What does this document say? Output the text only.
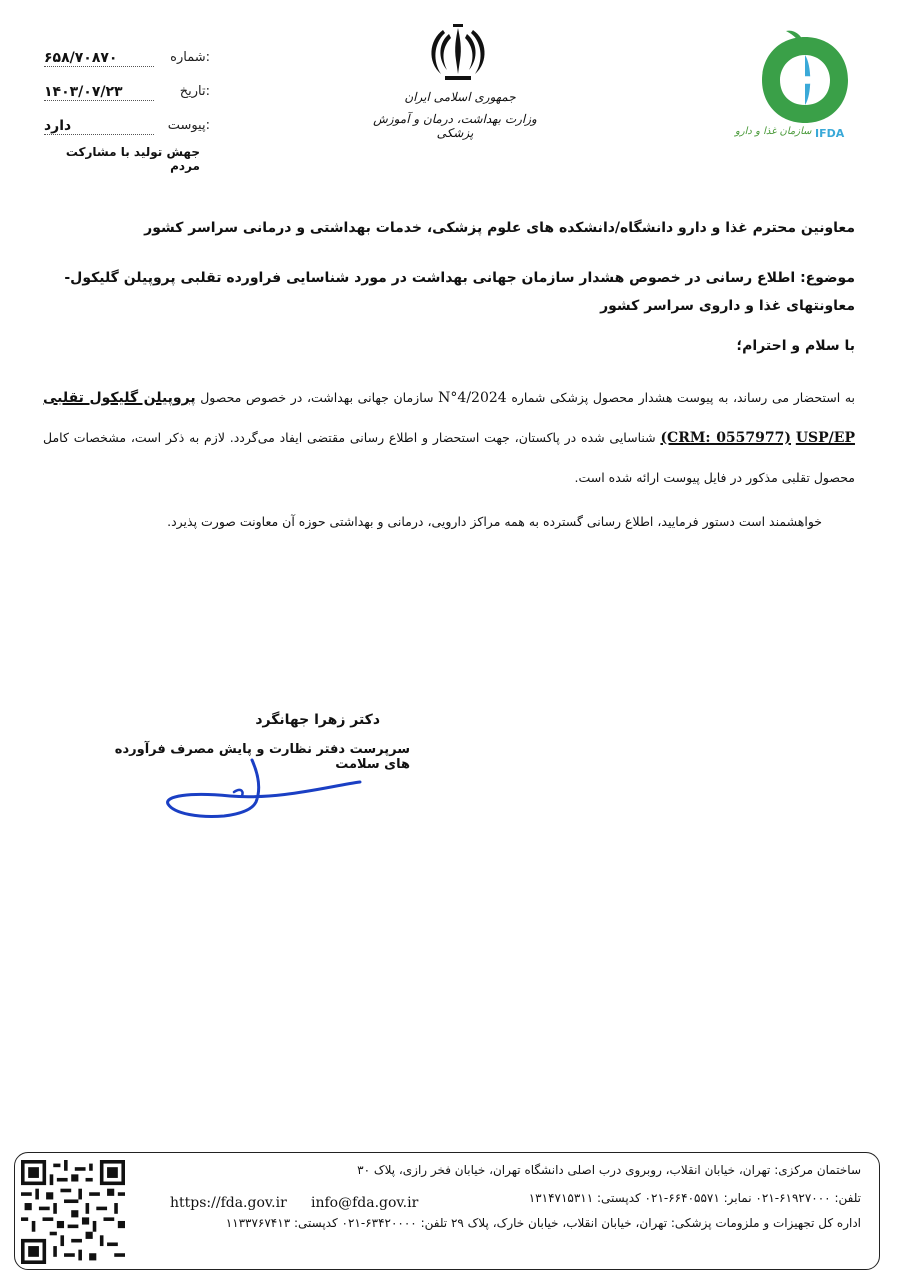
شماره:
۶۵۸/۷۰۸۷۰
تاریخ:
۱۴۰۳/۰۷/۲۳
پیوست:
دارد
جهش تولید با مشارکت مردم
جمهوری اسلامی ایران
وزارت بهداشت، درمان و آموزش پزشکی	IFDA
سازمان غذا و دارو
معاونین محترم غذا و دارو دانشگاه/دانشکده های علوم پزشکی، خدمات بهداشتی و درمانی سراسر کشور
موضوع: اطلاع رسانی در خصوص هشدار سازمان جهانی بهداشت در مورد شناسایی فراورده تقلبی پروپیلن گلیکول- معاونتهای غذا و داروی سراسر کشور
با سلام و احترام؛
به استحضار می رساند، به پیوست هشدار محصول پزشکی شماره N°4/2024 سازمان جهانی بهداشت، در خصوص محصول پروپیلن گلیکول تقلبی USP/EP (CRM: 0557977) شناسایی شده در پاکستان، جهت استحضار و اطلاع رسانی مقتضی ایفاد می‌گردد. لازم به ذکر است، مشخصات کامل محصول تقلبی مذکور در فایل پیوست ارائه شده است.
خواهشمند است دستور فرمایید، اطلاع رسانی گسترده به همه مراکز دارویی، درمانی و بهداشتی حوزه آن معاونت صورت پذیرد.
دکتر زهرا جهانگرد
سرپرست دفتر نظارت و پایش مصرف فرآورده های سلامت
ساختمان مرکزی: تهران، خیابان انقلاب، روبروی درب اصلی دانشگاه تهران، خیابان فخر رازی، پلاک ۳۰
تلفن: ۶۱۹۲۷۰۰۰-۰۲۱ نمابر: ۶۶۴۰۵۵۷۱-۰۲۱ کدپستی: ۱۳۱۴۷۱۵۳۱۱
info@fda.gov.ir
https://fda.gov.ir
اداره کل تجهیزات و ملزومات پزشکی: تهران، خیابان انقلاب، خیابان خارک، پلاک ۲۹ تلفن: ۶۳۴۲۰۰۰۰-۰۲۱ کدپستی: ۱۱۳۳۷۶۷۴۱۳
